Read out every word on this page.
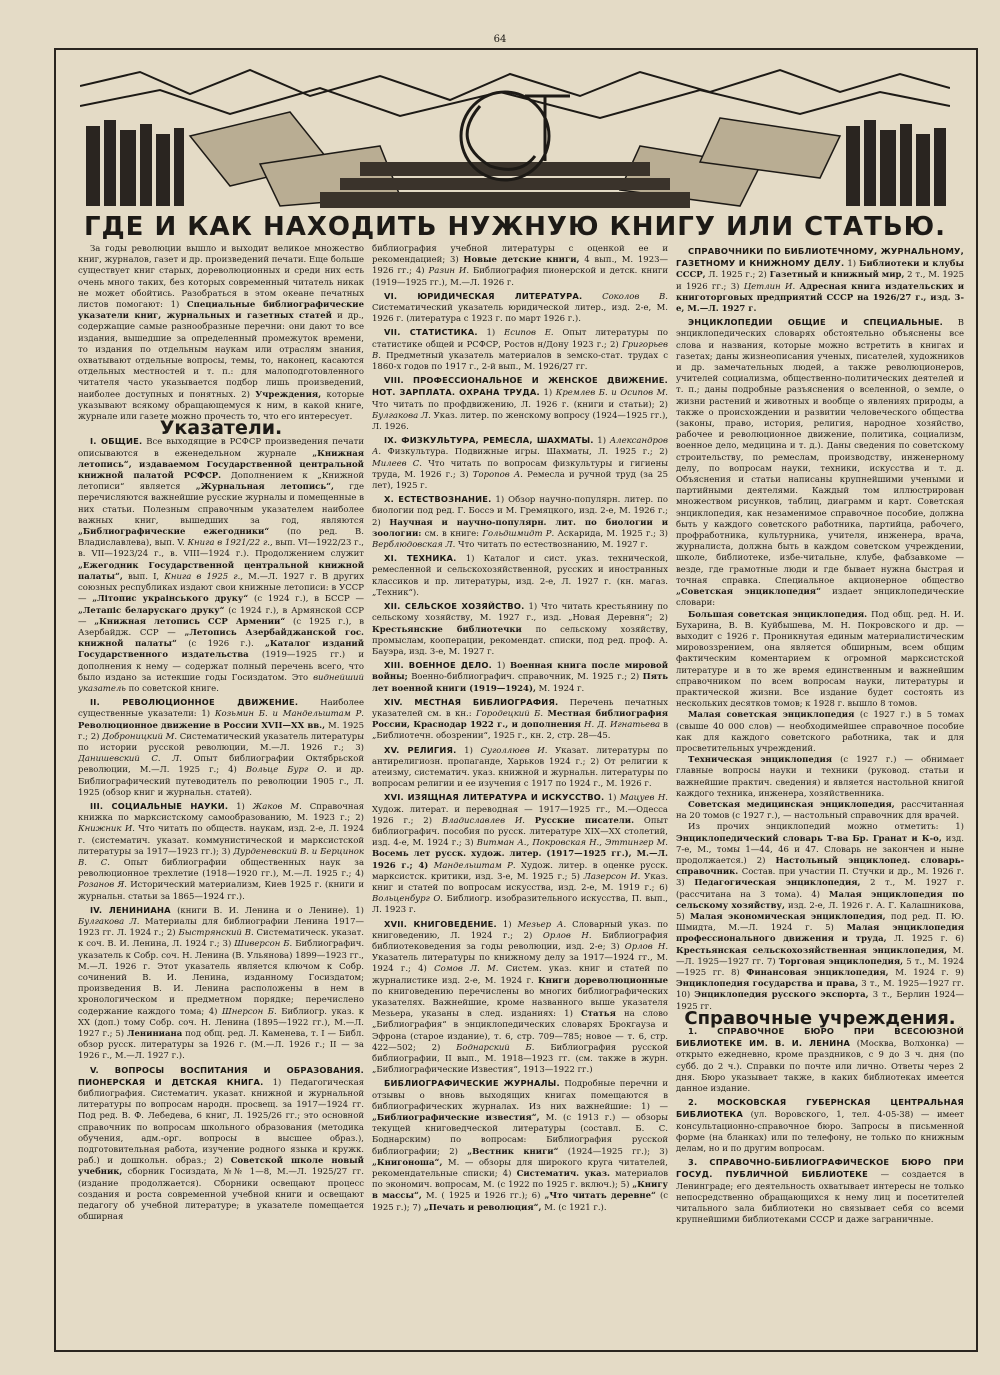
64
ГДЕ И КАК НАХОДИТЬ НУЖНУЮ КНИГУ ИЛИ СТАТЬЮ.

За годы революции вышло и выходит великое множество книг, журналов, газет и др. произведений печати. Еще больше существует книг старых, дореволюционных и среди них есть очень много таких, без которых современный читатель никак не может обойтись. Разобраться в этом океане печатных листов помогают: 1) Специальные библиографические указатели книг, журнальных и газетных статей и др., содержащие самые разнообразные перечни: они дают то все издания, вышедшие за определенный промежуток времени, то издания по отдельным наукам или отраслям знания, охватывают отдельные вопросы, темы, то, наконец, касаются отдельных местностей и т. п.: для малоподготовленного читателя часто указывается подбор лишь произведений, наиболее доступных и понятных. 2) Учреждения, которые указывают всякому обращающемуся к ним, в какой книге, журнале или газете можно прочесть то, что его интересует.

Указатели.

I. ОБЩИЕ. Все выходящие в РСФСР произведения печати описываются в еженедельном журнале „Книжная летопись“, издаваемом Государственной центральной книжной палатой РСФСР. Дополнением к „Книжной летописи“ является „Журнальная летопись“, где перечисляются важнейшие русские журналы и помещенные в них статьи. Полезным справочным указателем наиболее важных книг, вышедших за год, являются „Библиографические ежегодники“ (по ред. В. Владиславлева), вып. V. Книга в 1921/22 г., вып. VI—1922/23 г., в. VII—1923/24 г., в. VIII—1924 г.). Продолжением служит „Ежегодник Государственной центральной книжной палаты“, вып. I, Книга в 1925 г., М.—Л. 1927 г. В других союзных республиках издают свои книжные летописи: в УССР — „Літопис украінського друку“ (с 1924 г.), в БССР — „Летапіс беларускаго друку“ (с 1924 г.), в Армянской ССР — „Книжная летопись ССР Армении“ (с 1925 г.), в Азербайдж. ССР — „Летопись Азербайджанской гос. книжной палаты“ (с 1926 г.). „Каталог изданий Государственного издательства (1919—1925 гг.) и дополнения к нему — содержат полный перечень всего, что было издано за истекшие годы Госиздатом. Это виднейший указатель по советской книге.

II. РЕВОЛЮЦИОННОЕ ДВИЖЕНИЕ.	Наиболее существенные указатели: 1) Козьмин Б. и Мандельштам Р. Революционное движение в России XVII—XX вв., М. 1925 г.; 2) Добрoницкий М. Систематический указатель литературы по истории русской революции, М.—Л. 1926 г.; 3) Данишевский С. Л. Опыт библиографии Октябрьской революции, М.—Л. 1925 г.; 4) Вольце Бург О. и др. Библиографический путеводитель по революции 1905 г., Л. 1925 (обзор книг и журнальн. статей).

III. СОЦИАЛЬНЫЕ НАУКИ. 1) Жаков М. Справочная книжка по марксистскому самообразованию, М. 1923 г.; 2) Книжник И. Что читать по обществ. наукам, изд. 2-е, Л. 1924 г. (систематич. указат. коммунистической и марксистской литературы за 1917—1923 гг.); 3) Дурденевский В. и Берцинок В. С. Опыт библиографии общественных наук за революционное трехлетие (1918—1920 гг.), М.—Л. 1925 г.; 4) Розанов Я. Исторический материализм, Киев 1925 г. (книги и журнальн. статьи за 1865—1924 гг.).

IV. ЛЕНИНИАНА (книги В. И. Ленина и о Ленине). 1) Булгакова Л. Материалы для библиографии Ленина 1917—1923 гг. Л. 1924 г.; 2) Быстрянский В. Систематическ. указат. к соч. В. И. Ленина, Л. 1924 г.; 3) Шиверсон Б. Библиографич. указатель к Собр. соч. Н. Ленина (В. Ульянова) 1899—1923 гг., М.—Л. 1926 г. Этот указатель является ключом к Собр. сочинений В. И. Ленина, изданному Госиздатом; произведения В. И. Ленина расположены в нем в хронологическом и предметном порядке; перечислено содержание каждого тома; 4) Шнерсон Б. Библиогр. указ. к XX (доп.) тому Собр. соч. Н. Ленина (1895—1922 гг.), М.—Л. 1927 г.; 5) Лениниана под общ. ред. Л. Каменева, т. I — Библ. обзор русск. литературы за 1926 г. (М.—Л. 1926 г.; II — за 1926 г., М.—Л. 1927 г.).

V. ВОПРОСЫ ВОСПИТАНИЯ И ОБРАЗОВАНИЯ. ПИОНЕРСКАЯ И ДЕТСКАЯ КНИГА. 1) Педагогическая библиография. Систематич. указат. книжной и журнальной литературы по вопросам народн. просвещ. за 1917—1924 гг. Под ред. В. Ф. Лебедева, 6 книг, Л. 1925/26 гг.; это основной справочник по вопросам школьного образования (методика обучения, адм.-орг. вопросы в высшее образ.), подготовительная работа, изучение родного языка и кружк. раб.) и дошкольн. образ.; 2) Советской школе новый учебник, сборник Госиздата, №№ 1—8, М.—Л. 1925/27 гг. (издание продолжается). Сборники освещают процесс создания и роста современной учебной книги и освещают педагогу об учебной литературе; в указателе помещается обширная

библиография учебной литературы с оценкой ее и рекомендацией; 3) Новые детские книги, 4 вып., М. 1923—1926 гг.; 4) Разин И. Библиография пионерской и детск. книги (1919—1925 гг.), М.—Л. 1926 г.

VI. ЮРИДИЧЕСКАЯ ЛИТЕРАТУРА. Соколов В. Систематический указатель юридической литер., изд. 2-е, М. 1926 г. (литература с 1923 г. по март 1926 г.).

VII. СТАТИСТИКА. 1) Есипов Е. Опыт литературы по статистике общей и РСФСР, Ростов н/Дону 1923 г.; 2) Григорьев В. Предметный указатель материалов в земско-стат. трудах с 1860-х годов по 1917 г., 2-й вып., М. 1926/27 гг.

VIII. ПРОФЕССИОНАЛЬНОЕ И ЖЕНСКОЕ ДВИЖЕНИЕ. НОТ. ЗАРПЛАТА. ОХРАНА ТРУДА. 1) Кремлев Б. и Осипов М. Что читать по профдвижению, Л. 1926 г. (книги и статьи); 2) Булгакова Л. Указ. литер. по женскому вопросу (1924—1925 гг.), Л. 1926.

IX. ФИЗКУЛЬТУРА, РЕМЕСЛА, ШАХМАТЫ. 1) Александров А. Физкультура. Подвижные игры. Шахматы, Л. 1925 г.; 2) Милеев С. Что читать по вопросам физкультуры и гигиены труда, М. 1926 г.; 3) Торопов А. Ремесла и ручной труд (за 25 лет), 1925 г.

X. ЕСТЕСТВОЗНАНИЕ. 1) Обзор научно-популярн. литер. по биологии под ред. Г. Боссэ и М. Гремяцкого, изд. 2-е, М. 1926 г.; 2) Научная и научно-популярн. лит. по биологии и зоологии: см. в книге: Гольдшмидт Р. Аскарида, М. 1925 г.; 3) Верблюдовская Л. Что читать по естествознанию, М. 1927 г.

XI. ТЕХНИКА. 1) Каталог и сист. указ. технической, ремесленной и сельскохозяйственной, русских и иностранных классиков и пр. литературы, изд. 2-е, Л. 1927 г. (кн. магаз. „Техник“).

XII. СЕЛЬСКОЕ ХОЗЯЙСТВО. 1) Что читать крестьянину по сельскому хозяйству, М. 1927 г., изд. „Новая Деревня“; 2) Крестьянские библиотечки по сельскому хозяйству, промыслам, кооперации, рекомендат. списки, под ред. проф. А. Бауэра, изд. 3-е, М. 1927 г.

XIII. ВОЕННОЕ ДЕЛО. 1) Военная книга после мировой войны; Военно-библиографич. справочник, М. 1925 г.; 2) Пять лет военной книги (1919—1924), М. 1924 г.

XIV. МЕСТНАЯ БИБЛИОГРАФИЯ. Перечень печатных указателей см. в кн.: Городецкий Б. Местная библиография России, Краснодар 1922 г., и дополнения Н. Д. Игнатьева в „Библиотечн. обозрении“, 1925 г., кн. 2, стр. 28—45.

XV. РЕЛИГИЯ. 1) Суголлюев И. Указат. литературы по антирелигиозн. пропаганде, Харьков 1924 г.; 2) От религии к атеизму, систематич. указ. книжной и журнальн. литературы по вопросам религии и ее изучения с 1917 по 1924 г., М. 1926 г.

XVI. ИЗЯЩНАЯ ЛИТЕРАТУРА И ИСКУССТВО. 1) Мацуев Н. Худож. литерат. и переводная — 1917—1925 гг., М.—Одесса 1926 г.; 2) Владиславлев И. Русские писатели. Опыт библиографич. пособия по русск. литературе XIX—XX столетий, изд. 4-е, М. 1924 г.; 3) Витман А., Покровская Н., Эттингер М. Восемь лет русск. худож. литер. (1917—1925 гг.), М.—Л. 1926 г.; 4) Мандельштам Р. Худож. литер. в оценке русск. марксистск. критики, изд. 3-е, М. 1925 г.; 5) Лазерсон И. Указ. книг и статей по вопросам искусства, изд. 2-е, М. 1919 г.; 6) Вольценбург О. Библиогр. изобразительного искусства, П. вып., Л. 1923 г.

XVII. КНИГОВЕДЕНИЕ. 1) Мезьер А. Словарный указ. по книговедению, Л. 1924 г.; 2) Орлов Н. Библиография библиотековедения за годы революции, изд. 2-е; 3) Орлов Н. Указатель литературы по книжному делу за 1917—1924 гг., М. 1924 г.; 4) Сомов Л. М. Систем. указ. книг и статей по журналистике изд. 2-е, М. 1924 г. Книги дореволюционные по книговедению перечислены во многих библиографических указателях. Важнейшие, кроме названного выше указателя Мезьера, указаны в след. изданиях: 1) Статья на слово „Библиография“ в энциклопедических словарях Брокгауза и Эфрона (старое издание), т. 6, стр. 709—785; новое — т. 6, стр. 422—502; 2) Боднарский Б. Библиография русской библиографии, II вып., М. 1918—1923 гг. (см. также в журн. „Библиографические Известия“, 1913—1922 гг.)

БИБЛИОГРАФИЧЕСКИЕ ЖУРНАЛЫ. Подробные перечни и отзывы о вновь выходящих книгах помещаются в библиографических журналах. Из них важнейшие: 1) — „Библиографические известия“, М. (с 1913 г.) — обзоры текущей книговедческой литературы (составл. Б. С. Боднарским) по вопросам: Библиография русской библиографии; 2) „Вестник книги“ (1924—1925 гг.); 3) „Книгоноша“, М. — обзоры для широкого круга читателей, рекомендательные списки; 4) Систематич. указ. материалов по экономич. вопросам, М. (с 1922 по 1925 г. включ.); 5) „Книгу в массы“, М. ( 1925 и 1926 гг.); 6) „Что читать деревне“ (с 1925 г.); 7) „Печать и революция“, М. (с 1921 г.).

СПРАВОЧНИКИ ПО БИБЛИОТЕЧНОМУ, ЖУРНАЛЬНОМУ, ГАЗЕТНОМУ И КНИЖНОМУ ДЕЛУ. 1) Библиотеки и клубы СССР, Л. 1925 г.; 2) Газетный и книжный мир, 2 т., М. 1925 и 1926 гг.; 3) Цетлин И. Адресная книга издательских и книготорговых предприятий СССР на 1926/27 г., изд. 3-е, М.—Л. 1927 г.

ЭНЦИКЛОПЕДИИ ОБЩИЕ И СПЕЦИАЛЬНЫЕ. В энциклопедических словарях обстоятельно объяснены все слова и названия, которые можно встретить в книгах и газетах; даны жизнеописания ученых, писателей, художников и др. замечательных людей, а также революционеров, учителей социализма, общественно-политических деятелей и т. п.; даны подробные разъяснения о вселенной, о земле, о жизни растений и животных и вообще о явлениях природы, а также о происхождении и развитии человеческого общества (законы, право, история, религия, народное хозяйство, рабочее и революционное движение, политика, социализм, военное дело, медицина и т. д.). Даны сведения по советскому строительству, по ремеслам, производству, инженерному делу, по вопросам науки, техники, искусства и т. д. Объяснения и статьи написаны крупнейшими учеными и партийными деятелями. Каждый том иллюстрирован множеством рисунков, таблиц, диаграмм и карт. Советская энциклопедия, как незаменимое справочное пособие, должна быть у каждого советского работника, партийца, рабочего, профработника, культурника, учителя, инженера, врача, журналиста, должна быть в каждом советском учреждении, школе, библиотеке, избе-читальне, клубе, фабзавкоме — везде, где грамотные люди и где бывает нужна быстрая и точная справка. Специальное акционерное общество „Советская энциклопедия“ издает энциклопедические словари:

Большая советская энциклопедия. Под общ. ред. Н. И. Бухарина, В. В. Куйбышева, М. Н. Покровского и др. — выходит с 1926 г. Проникнутая единым материалистическим мировоззрением, она является обширным, всем общим фактическим коментарием к огромной марксистской литературе и в то же время единственным и важнейшим справочником по всем вопросам науки, литературы и практической жизни. Все издание будет состоять из нескольких десятков томов; к 1928 г. вышло 8 томов.

Малая советская энциклопедия (с 1927 г.) в 5 томах (свыше 40 000 слов) — необходимейшее справочное пособие как для каждого советского работника, так и для просветительных учреждений.

Техническая энциклопедия (с 1927 г.) — обнимает главные вопросы науки и техники (руковод. статьи и важнейшие практич. сведения) и является настольной книгой каждого техника, инженера, хозяйственника.

Советская медицинская энциклопедия, рассчитанная на 20 томов (с 1927 г.), — настольный справочник для врачей.

Из прочих энциклопедий можно отметить: 1) Энциклопедический словарь Т-ва Бр. Гранат и К-о, изд. 7-е, М., томы 1—44, 46 и 47. Словарь не закончен и ныне продолжается.) 2) Настольный энциклопед. словарь-справочник. Состав. при участии П. Стучки и др., М. 1926 г. 3) Педагогическая энциклопедия, 2 т., М. 1927 г. (рассчитана на 3 тома). 4) Малая энциклопедия по сельскому хозяйству, изд. 2-е, Л. 1926 г. А. Г. Калашникова, 5) Малая экономическая энциклопедия, под ред. П. Ю. Шмидта, М.—Л. 1924 г. 5) Малая энциклопедия профессионального движения и труда, Л. 1925 г. 6) Крестьянская сельскохозяйственная энциклопедия, М.—Л. 1925—1927 гг. 7) Торговая энциклопедия, 5 т., М. 1924—1925 гг. 8) Финансовая энциклопедия, М. 1924 г. 9) Энциклопедия государства и права, 3 т., М. 1925—1927 гг. 10) Энциклопедия русского экспорта, 3 т., Берлин 1924—1925 гг.

Справочные учреждения.

1. СПРАВОЧНОЕ БЮРО ПРИ ВСЕСОЮЗНОЙ БИБЛИОТЕКЕ ИМ. В. И. ЛЕНИНА (Москва, Волхонка) — открыто ежедневно, кроме праздников, с 9 до 3 ч. дня (по субб. до 2 ч.). Справки по почте или лично. Ответы через 2 дня. Бюро указывает также, в каких библиотеках имеется данное издание.

2. МОСКОВСКАЯ ГУБЕРНСКАЯ ЦЕНТРАЛЬНАЯ БИБЛИОТЕКА (ул. Воровского, 1, тел. 4-05-38) — имеет консультационно-справочное бюро. Запросы в письменной форме (на бланках) или по телефону, не только по книжным делам, но и по другим вопросам.

3. СПРАВОЧНО-БИБЛИОГРАФИЧЕСКОЕ БЮРО ПРИ ГОСУД. ПУБЛИЧНОЙ БИБЛИОТЕКЕ — создается в Ленинграде; его деятельность охватывает интересы не только непосредственно обращающихся к нему лиц и посетителей читального зала библиотеки но связывает себя со всеми крупнейшими библиотеками СССР и даже заграничные.
